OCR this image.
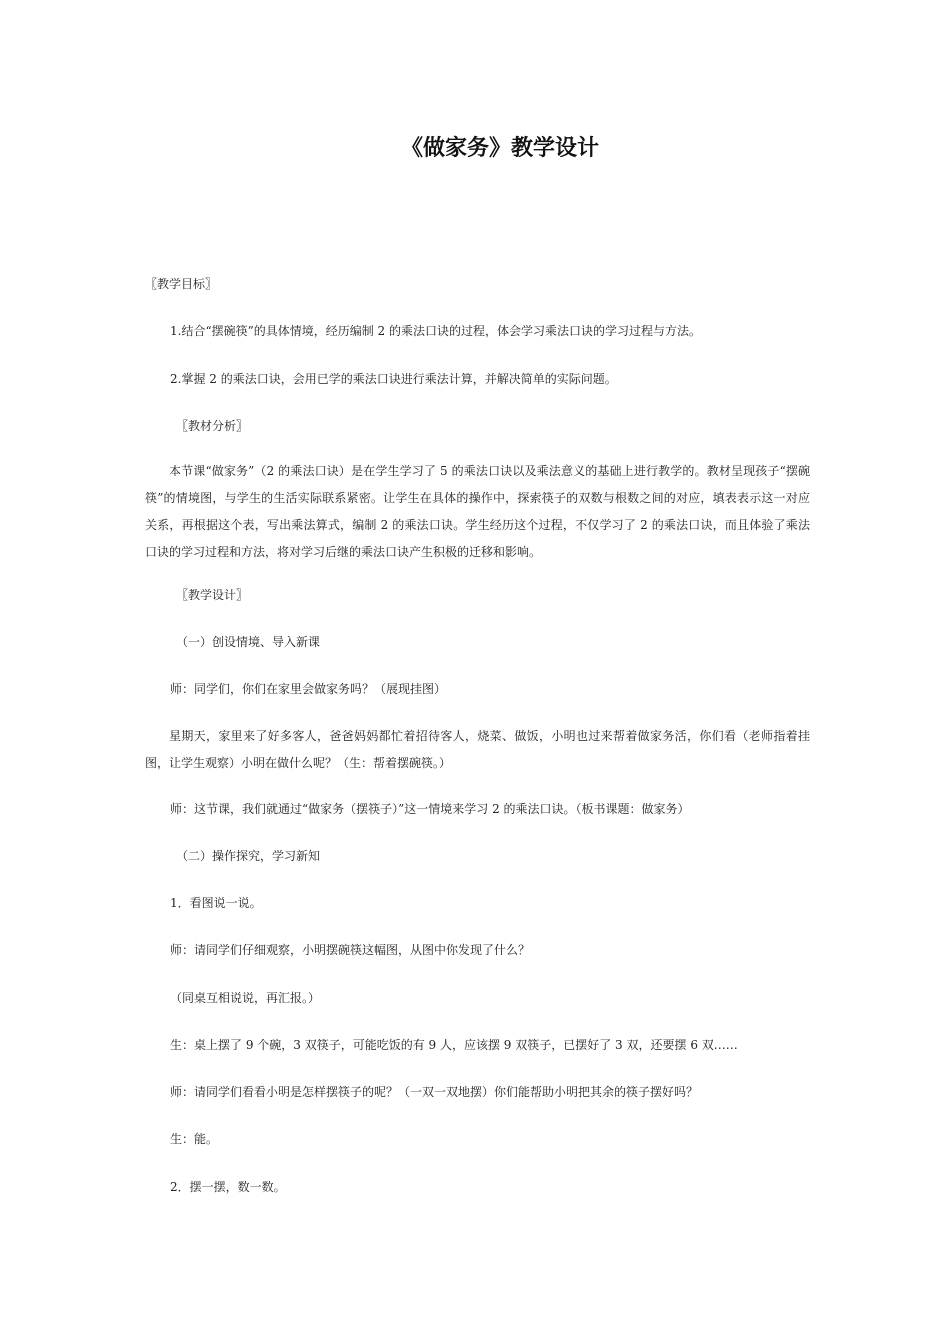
《做家务》教学设计
〖教学目标〗
1.结合“摆碗筷”的具体情境，经历编制 2 的乘法口诀的过程，体会学习乘法口诀的学习过程与方法。
2.掌握 2 的乘法口诀，会用已学的乘法口诀进行乘法计算，并解决简单的实际问题。
〖教材分析〗
本节课“做家务”（2 的乘法口诀）是在学生学习了 5 的乘法口诀以及乘法意义的基础上进行教学的。教材呈现孩子“摆碗筷”的情境图，与学生的生活实际联系紧密。让学生在具体的操作中，探索筷子的双数与根数之间的对应，填表表示这一对应关系，再根据这个表，写出乘法算式，编制 2 的乘法口诀。学生经历这个过程，不仅学习了 2 的乘法口诀，而且体验了乘法口诀的学习过程和方法，将对学习后继的乘法口诀产生积极的迁移和影响。
〖教学设计〗
（一）创设情境、导入新课
师：同学们，你们在家里会做家务吗？（展现挂图）
星期天，家里来了好多客人，爸爸妈妈都忙着招待客人，烧菜、做饭，小明也过来帮着做家务活，你们看（老师指着挂图，让学生观察）小明在做什么呢？（生：帮着摆碗筷。）
师：这节课，我们就通过“做家务（摆筷子）”这一情境来学习 2 的乘法口诀。（板书课题：做家务）
（二）操作探究，学习新知
1．看图说一说。
师：请同学们仔细观察，小明摆碗筷这幅图，从图中你发现了什么？
（同桌互相说说，再汇报。）
生：桌上摆了 9 个碗，3 双筷子，可能吃饭的有 9 人，应该摆 9 双筷子，已摆好了 3 双，还要摆 6 双……
师：请同学们看看小明是怎样摆筷子的呢？（一双一双地摆）你们能帮助小明把其余的筷子摆好吗？
生：能。
2．摆一摆，数一数。
